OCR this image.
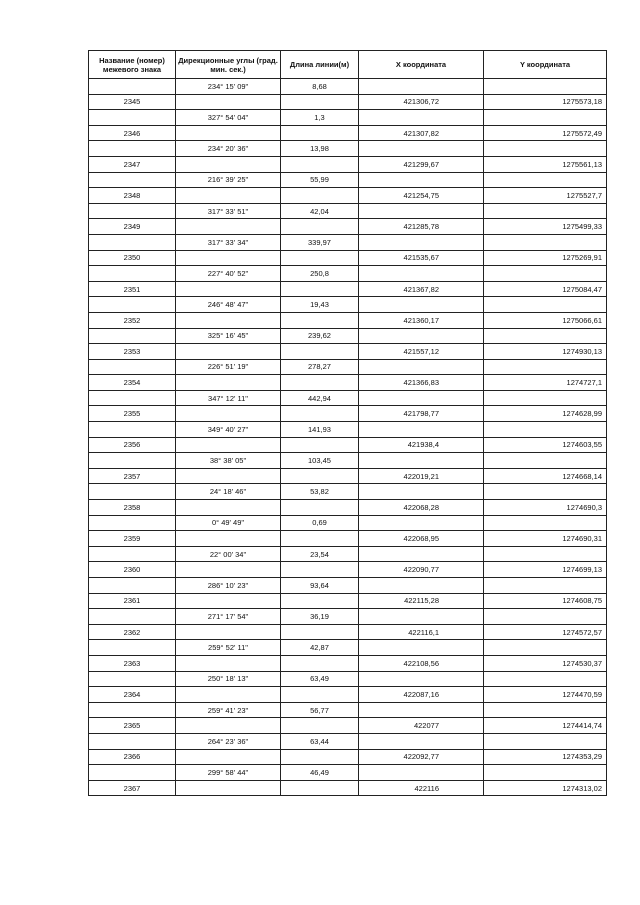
Название (номер) межевого знака	Дирекционные углы (град. мин. сек.)	Длина линии(м)	X координата	Y координата
	234° 15' 09"	8,68		
2345			421306,72	1275573,18
	327° 54' 04"	1,3		
2346			421307,82	1275572,49
	234° 20' 36"	13,98		
2347			421299,67	1275561,13
	216° 39' 25"	55,99		
2348			421254,75	1275527,7
	317° 33' 51"	42,04		
2349			421285,78	1275499,33
	317° 33' 34"	339,97		
2350			421535,67	1275269,91
	227° 40' 52"	250,8		
2351			421367,82	1275084,47
	246° 48' 47"	19,43		
2352			421360,17	1275066,61
	325° 16' 45"	239,62		
2353			421557,12	1274930,13
	226° 51' 19"	278,27		
2354			421366,83	1274727,1
	347° 12' 11"	442,94		
2355			421798,77	1274628,99
	349° 40' 27"	141,93		
2356			421938,4	1274603,55
	38° 38' 05"	103,45		
2357			422019,21	1274668,14
	24° 18' 46"	53,82		
2358			422068,28	1274690,3
	0° 49' 49"	0,69		
2359			422068,95	1274690,31
	22° 00' 34"	23,54		
2360			422090,77	1274699,13
	286° 10' 23"	93,64		
2361			422115,28	1274608,75
	271° 17' 54"	36,19		
2362			422116,1	1274572,57
	259° 52' 11"	42,87		
2363			422108,56	1274530,37
	250° 18' 13"	63,49		
2364			422087,16	1274470,59
	259° 41' 23"	56,77		
2365			422077	1274414,74
	264° 23' 36"	63,44		
2366			422092,77	1274353,29
	299° 58' 44"	46,49		
2367			422116	1274313,02
